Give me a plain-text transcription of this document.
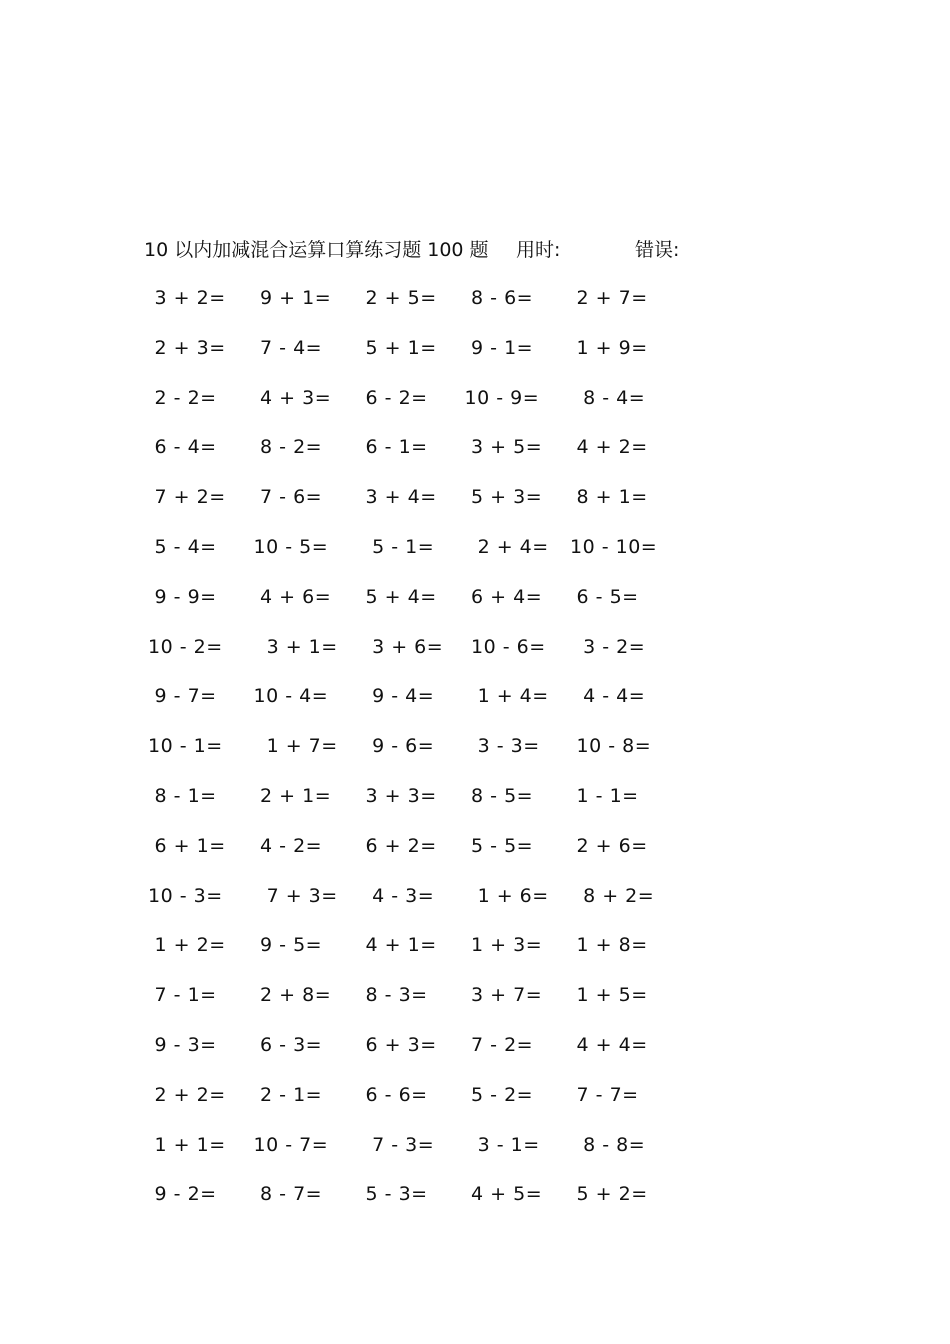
10 以内加减混合运算口算练习题 100 题 用时:	错误:
3 + 2=	9 + 1=	2 + 5=	8 - 6=	2 + 7=
2 + 3=	7 - 4=	5 + 1=	9 - 1=	1 + 9=
2 - 2=	4 + 3=	6 - 2=	10 - 9=	8 - 4=
6 - 4=	8 - 2=	6 - 1=	3 + 5=	4 + 2=
7 + 2=	7 - 6=	3 + 4=	5 + 3=	8 + 1=
5 - 4=	10 - 5=	5 - 1=	2 + 4=	10 - 10=
9 - 9=	4 + 6=	5 + 4=	6 + 4=	6 - 5=
10 - 2=	3 + 1=	3 + 6=	10 - 6=	3 - 2=
9 - 7=	10 - 4=	9 - 4=	1 + 4=	4 - 4=
10 - 1=	1 + 7=	9 - 6=	3 - 3=	10 - 8=
8 - 1=	2 + 1=	3 + 3=	8 - 5=	1 - 1=
6 + 1=	4 - 2=	6 + 2=	5 - 5=	2 + 6=
10 - 3=	7 + 3=	4 - 3=	1 + 6=	8 + 2=
1 + 2=	9 - 5=	4 + 1=	1 + 3=	1 + 8=
7 - 1=	2 + 8=	8 - 3=	3 + 7=	1 + 5=
9 - 3=	6 - 3=	6 + 3=	7 - 2=	4 + 4=
2 + 2=	2 - 1=	6 - 6=	5 - 2=	7 - 7=
1 + 1=	10 - 7=	7 - 3=	3 - 1=	8 - 8=
9 - 2=	8 - 7=	5 - 3=	4 + 5=	5 + 2=
